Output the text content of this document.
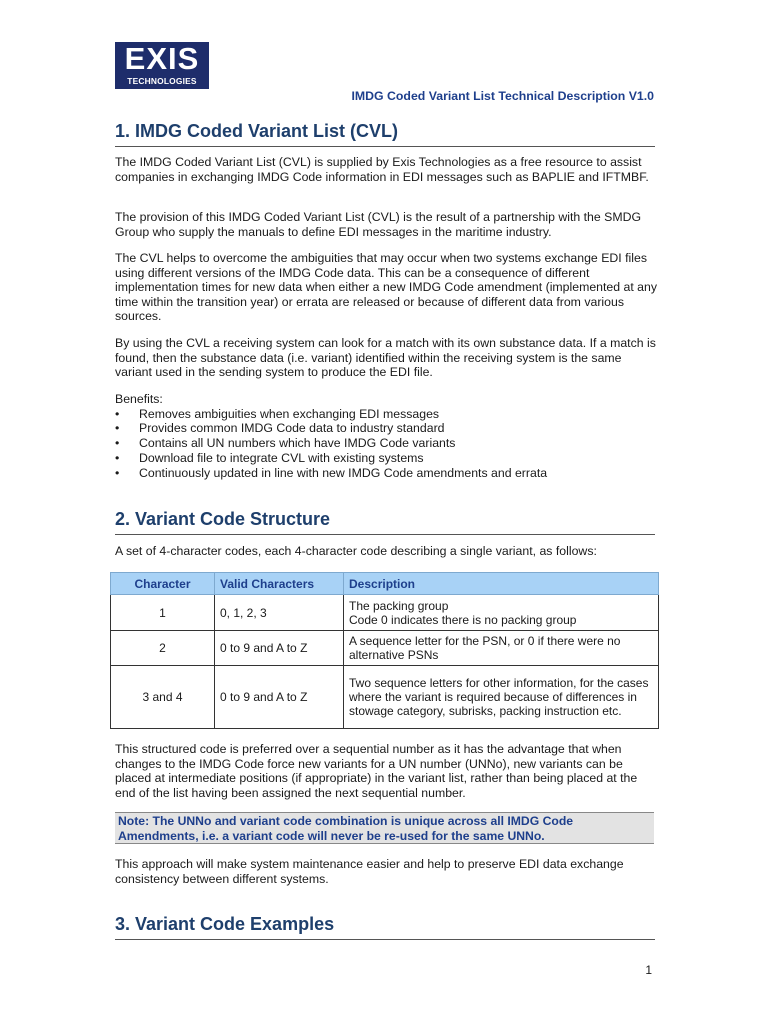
EXIS
TECHNOLOGIES
IMDG Coded Variant List Technical Description V1.0
1. IMDG Coded Variant List (CVL)

The IMDG Coded Variant List (CVL) is supplied by Exis Technologies as a free resource to assist companies in exchanging IMDG Code information in EDI messages such as BAPLIE and IFTMBF.

The provision of this IMDG Coded Variant List (CVL) is the result of a partnership with the SMDG Group who supply the manuals to define EDI messages in the maritime industry.

The CVL helps to overcome the ambiguities that may occur when two systems exchange EDI files using different versions of the IMDG Code data. This can be a consequence of different implementation times for new data when either a new IMDG Code amendment (implemented at any time within the transition year) or errata are released or because of different data from various sources.

By using the CVL a receiving system can look for a match with its own substance data. If a match is found, then the substance data (i.e. variant) identified within the receiving system is the same variant used in the sending system to produce the EDI file.

Benefits:
• Removes ambiguities when exchanging EDI messages
• Provides common IMDG Code data to industry standard
• Contains all UN numbers which have IMDG Code variants
• Download file to integrate CVL with existing systems
• Continuously updated in line with new IMDG Code amendments and errata
2. Variant Code Structure

A set of 4-character codes, each 4-character code describing a single variant, as follows:

Character	Valid Characters	Description
1	0, 1, 2, 3	The packing group
Code 0 indicates there is no packing group

2	0 to 9 and A to Z	A sequence letter for the PSN, or 0 if there were no alternative PSNs
3 and 4	0 to 9 and A to Z	Two sequence letters for other information, for the cases where the variant is required because of differences in stowage category, subrisks, packing instruction etc.

This structured code is preferred over a sequential number as it has the advantage that when changes to the IMDG Code force new variants for a UN number (UNNo), new variants can be placed at intermediate positions (if appropriate) in the variant list, rather than being placed at the end of the list having been assigned the next sequential number.

Note: The UNNo and variant code combination is unique across all IMDG Code Amendments, i.e. a variant code will never be re-used for the same UNNo.

This approach will make system maintenance easier and help to preserve EDI data exchange consistency between different systems.

3. Variant Code Examples
1
